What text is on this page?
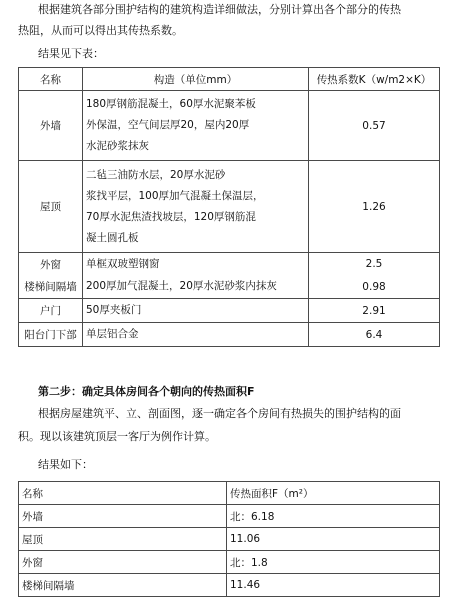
根据建筑各部分围护结构的建筑构造详细做法，分别计算出各个部分的传热
热阻，从而可以得出其传热系数。
结果见下表：
名称	构造（单位mm）	传热系数K（w/m2×K）
外墙	180厚钢筋混凝土，60厚水泥聚苯板
外保温，空气间层厚20，屋内20厚
水泥砂浆抹灰	0.57
屋顶	二毡三油防水层，20厚水泥砂
浆找平层，100厚加气混凝土保温层，
70厚水泥焦渣找坡层，120厚钢筋混
凝土圆孔板	1.26
外窗	单框双玻塑钢窗	2.5
楼梯间隔墙	200厚加气混凝土，20厚水泥砂浆内抹灰	0.98
户门	50厚夹板门	2.91
阳台门下部	单层铝合金	6.4
第二步：确定具体房间各个朝向的传热面积F
根据房屋建筑平、立、剖面图，逐一确定各个房间有热损失的围护结构的面
积。现以该建筑顶层一客厅为例作计算。
结果如下：
名称	传热面积F（m²）
外墙	北：6.18
屋顶	11.06
外窗	北：1.8
楼梯间隔墙	11.46
